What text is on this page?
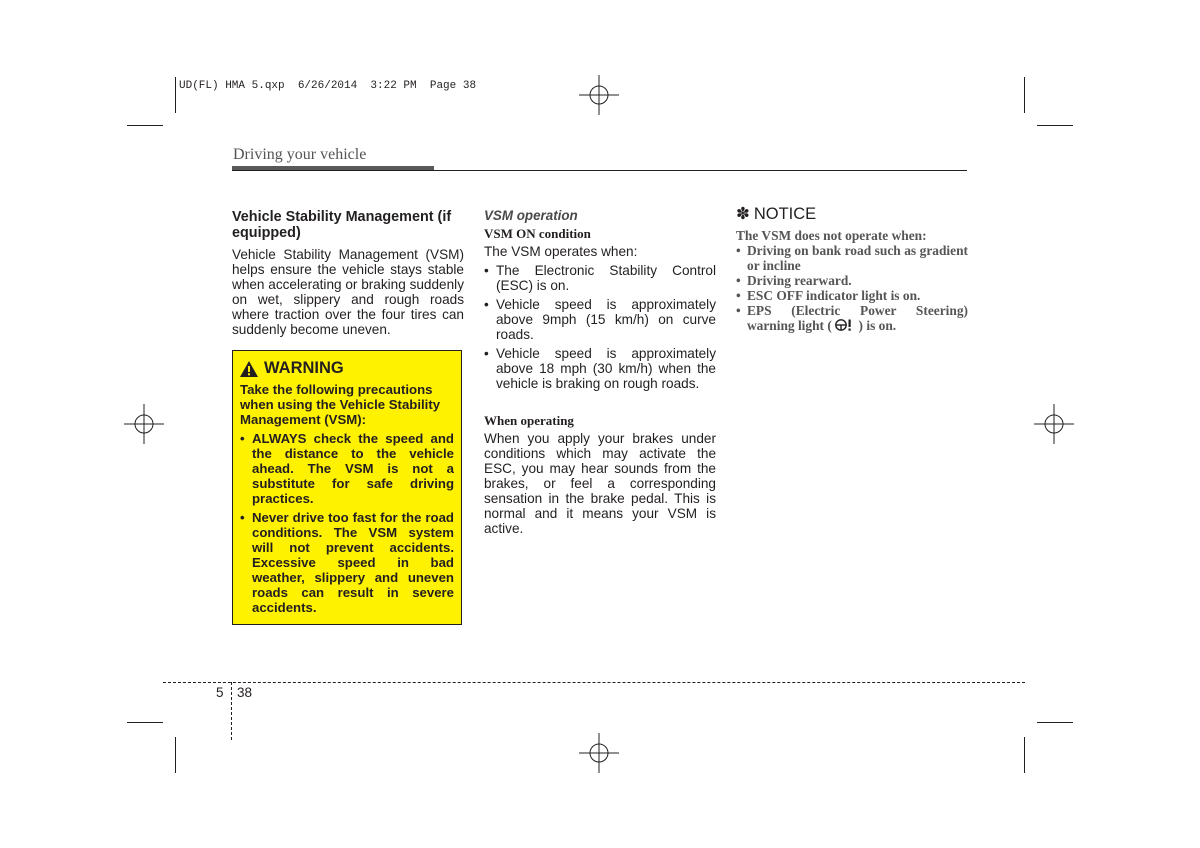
UD(FL) HMA 5.qxp  6/26/2014  3:22 PM  Page 38
Driving your vehicle

Vehicle Stability Management (if equipped)

Vehicle Stability Management (VSM) helps ensure the vehicle stays stable when accelerating or braking suddenly on wet, slippery and rough roads where traction over the four tires can suddenly become uneven.

WARNING

Take the following precautions when using the Vehicle Stability Management (VSM):

• ALWAYS check the speed and the distance to the vehicle ahead. The VSM is not a substitute for safe driving practices.
• Never drive too fast for the road conditions. The VSM system will not prevent accidents. Excessive speed in bad weather, slippery and uneven roads can result in severe accidents.

VSM operation

VSM ON condition

The VSM operates when:

• The Electronic Stability Control (ESC) is on.
• Vehicle speed is approximately above 9mph (15 km/h) on curve roads.
• Vehicle speed is approximately above 18 mph (30 km/h) when the vehicle is braking on rough roads.

When operating

When you apply your brakes under conditions which may activate the ESC, you may hear sounds from the brakes, or feel a corresponding sensation in the brake pedal. This is normal and it means your VSM is active.

✽ NOTICE

The VSM does not operate when:

• Driving on bank road such as gradient or incline
• Driving rearward.
• ESC OFF indicator light is on.
• EPS (Electric Power Steering) warning light ( ) is on.
5 38
